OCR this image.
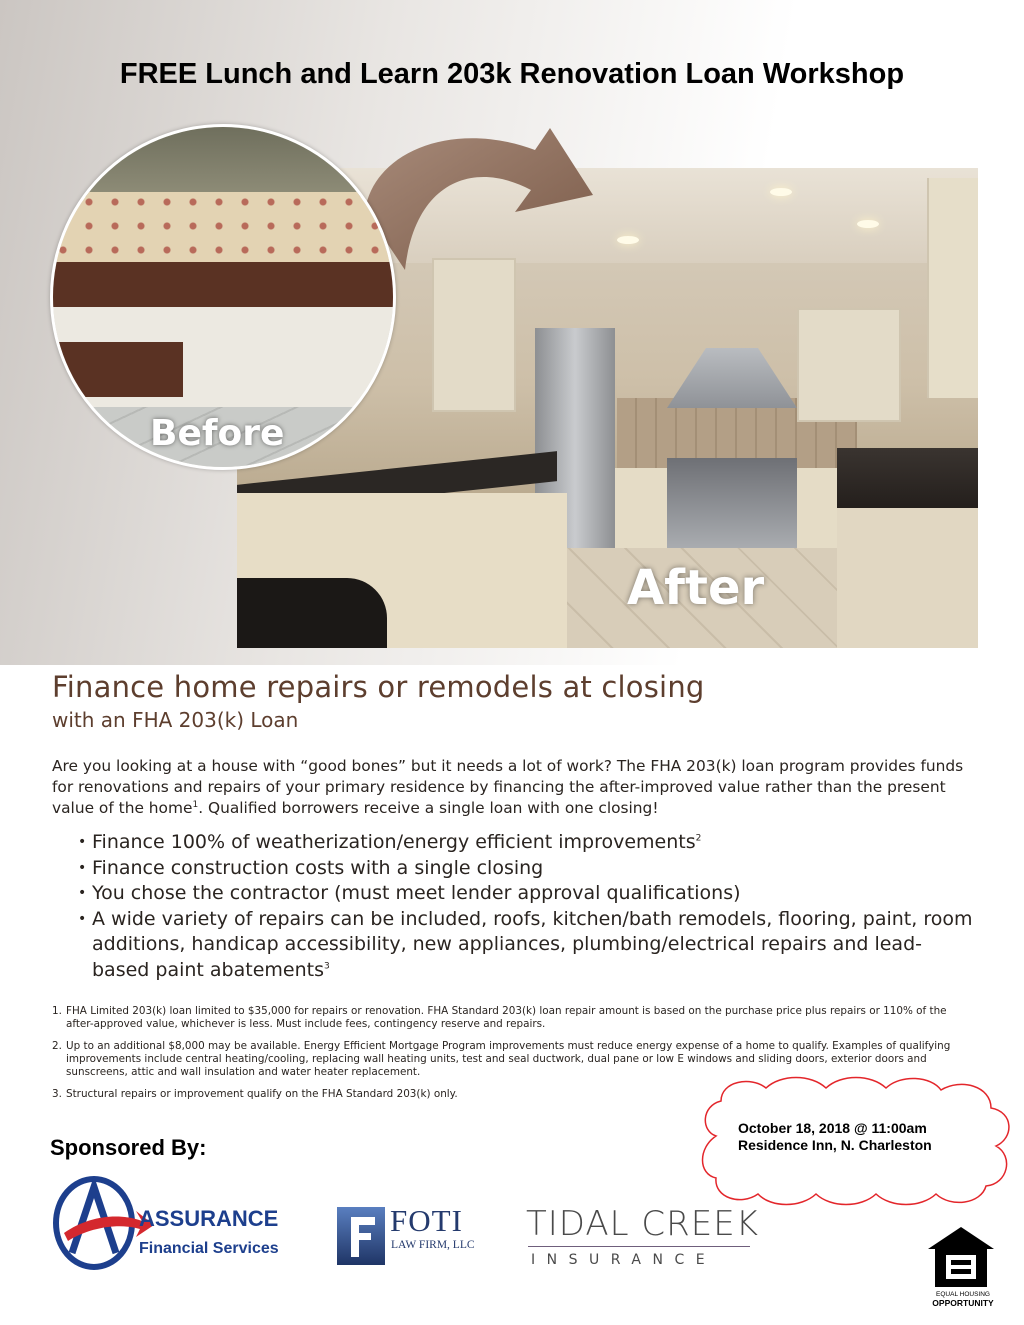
FREE Lunch and Learn 203k Renovation Loan Workshop
After
Before
Finance home repairs or remodels at closing
with an FHA 203(k) Loan
Are you looking at a house with “good bones” but it needs a lot of work? The FHA 203(k) loan program provides funds for renovations and repairs of your primary residence by financing the after-improved value rather than the present value of the home$^1$. Qualified borrowers receive a single loan with one closing!
• Finance 100% of weatherization/energy efficient improvements$^2$
• Finance construction costs with a single closing
• You chose the contractor (must meet lender approval qualifications)
• A wide variety of repairs can be included, roofs, kitchen/bath remodels, flooring, paint, room additions, handicap accessibility, new appliances, plumbing/electrical repairs and lead-based paint abatements$^3$
1. FHA Limited 203(k) loan limited to $35,000 for repairs or renovation. FHA Standard 203(k) loan repair amount is based on the purchase price plus repairs or 110% of the after-approved value, whichever is less. Must include fees, contingency reserve and repairs.
2. Up to an additional $8,000 may be available. Energy Efficient Mortgage Program improvements must reduce energy expense of a home to qualify. Examples of qualifying improvements include central heating/cooling, replacing wall heating units, test and seal ductwork, dual pane or low E windows and sliding doors, exterior doors and sunscreens, attic and wall insulation and water heater replacement.
3. Structural repairs or improvement qualify on the FHA Standard 203(k) only.
October 18, 2018 @ 11:00am
Residence Inn, N. Charleston
Sponsored By:
ASSURANCE
Financial Services
FOTI
LAW FIRM, LLC
TIDAL CREEK
INSURANCE
EQUAL HOUSING
OPPORTUNITY
